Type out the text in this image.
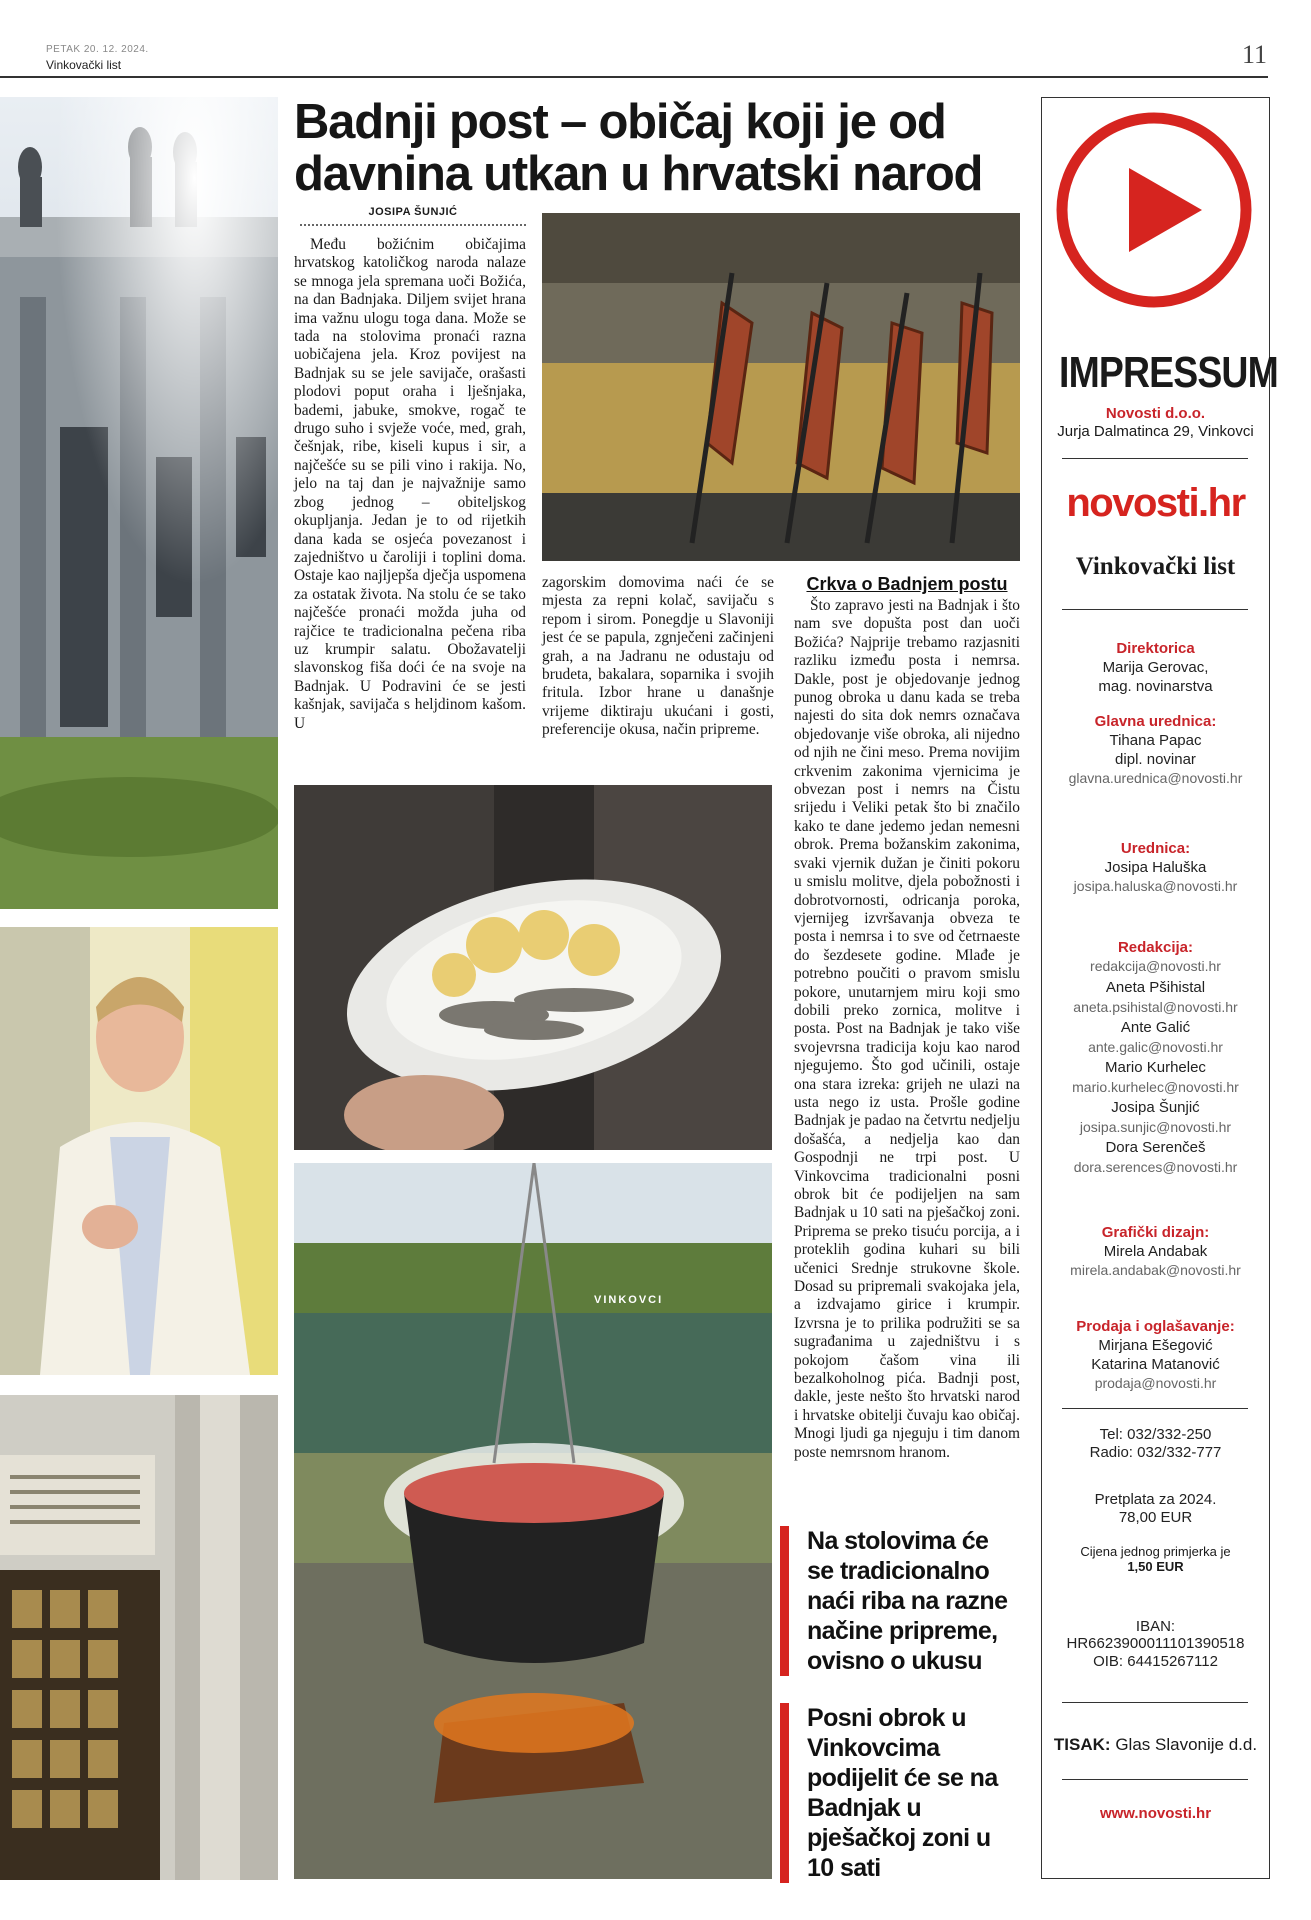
PETAK 20. 12. 2024.
Vinkovački list	11
Badnji post – običaj koji je od davnina utkan u hrvatski narod
JOSIPA ŠUNJIĆ

Među božićnim običajima hrvatskog katoličkog naroda nalaze se mnoga jela spremana uoči Božića, na dan Badnjaka. Diljem svijet hrana ima važnu ulogu toga dana. Može se tada na stolovima pronaći razna uobičajena jela. Kroz povijest na Badnjak su se jele savijače, orašasti plodovi poput oraha i lješnjaka, bademi, jabuke, smokve, rogač te drugo suho i svježe voće, med, grah, češnjak, ribe, kiseli kupus i sir, a najčešće su se pili vino i rakija. No, jelo na taj dan je najvažnije samo zbog jednog – obiteljskog okupljanja. Jedan je to od rijetkih dana kada se osjeća povezanost i zajedništvo u čaroliji i toplini doma. Ostaje kao najljepša dječja uspomena za ostatak života. Na stolu će se tako najčešće pronaći možda juha od rajčice te tradicionalna pečena riba uz krumpir salatu. Obožavatelji slavonskog fiša doći će na svoje na Badnjak. U Podravini će se jesti kašnjak, savijača s heljdinom kašom. U

zagorskim domovima naći će se mjesta za repni kolač, savijaču s repom i sirom. Ponegdje u Slavoniji jest će se papula, zgnječeni začinjeni grah, a na Jadranu ne odustaju od brudeta, bakalara, soparnika i svojih fritula. Izbor hrane u današnje vrijeme diktiraju ukućani i gosti, preferencije okusa, način pripreme.

Crkva o Badnjem postu

Što zapravo jesti na Badnjak i što nam sve dopušta post dan uoči Božića? Najprije trebamo razjasniti razliku između posta i nemrsa. Dakle, post je objedovanje jednog punog obroka u danu kada se treba najesti do sita dok nemrs označava objedovanje više obroka, ali nijedno od njih ne čini meso. Prema novijim crkvenim zakonima vjernicima je obvezan post i nemrs na Čistu srijedu i Veliki petak što bi značilo kako te dane jedemo jedan nemesni obrok. Prema božanskim zakonima, svaki vjernik dužan je činiti pokoru u smislu molitve, djela pobožnosti i dobrotvornosti, odricanja poroka, vjernijeg izvršavanja obveza te posta i nemrsa i to sve od četrnaeste do šezdesete godine. Mlađe je potrebno poučiti o pravom smislu pokore, unutarnjem miru koji smo dobili preko zornica, molitve i posta. Post na Badnjak je tako više svojevrsna tradicija koju kao narod njegujemo. Što god učinili, ostaje ona stara izreka: grijeh ne ulazi na usta nego iz usta. Prošle godine Badnjak je padao na četvrtu nedjelju došašća, a nedjelja kao dan Gospodnji ne trpi post. U Vinkovcima tradicionalni posni obrok bit će podijeljen na sam Badnjak u 10 sati na pješačkoj zoni. Priprema se preko tisuću porcija, a i proteklih godina kuhari su bili učenici Srednje strukovne škole. Dosad su pripremali svakojaka jela, a izdvajamo girice i krumpir. Izvrsna je to prilika podružiti se sa sugrađanima u zajedništvu i s pokojom čašom vina ili bezalkoholnog pića. Badnji post, dakle, jeste nešto što hrvatski narod i hrvatske obitelji čuvaju kao običaj. Mnogi ljudi ga njeguju i tim danom poste nemrsnom hranom.

VINKOVCI
Na stolovima će se tradicionalno naći riba na razne načine pripreme, ovisno o ukusu
Posni obrok u Vinkovcima podijelit će se na Badnjak u pješačkoj zoni u 10 sati
IMPRESSUM
Novosti d.o.o.
Jurja Dalmatinca 29, Vinkovci
novosti.hr
Vinkovački list
Direktorica
Marija Gerovac,
mag. novinarstva
Glavna urednica:
Tihana Papac
dipl. novinar
glavna.urednica@novosti.hr
Urednica:
Josipa Haluška
josipa.haluska@novosti.hr
Redakcija:
redakcija@novosti.hr
Aneta Pšihistal
aneta.psihistal@novosti.hr
Ante Galić
ante.galic@novosti.hr
Mario Kurhelec
mario.kurhelec@novosti.hr
Josipa Šunjić
josipa.sunjic@novosti.hr
Dora Serenčeš
dora.serences@novosti.hr
Grafički dizajn:
Mirela Andabak
mirela.andabak@novosti.hr
Prodaja i oglašavanje:
Mirjana Ešegović
Katarina Matanović
prodaja@novosti.hr
Tel: 032/332-250
Radio: 032/332-777
Pretplata za 2024.
78,00 EUR
Cijena jednog primjerka je
1,50 EUR
IBAN:
HR6623900011101390518
OIB: 64415267112
TISAK: Glas Slavonije d.d.
www.novosti.hr
